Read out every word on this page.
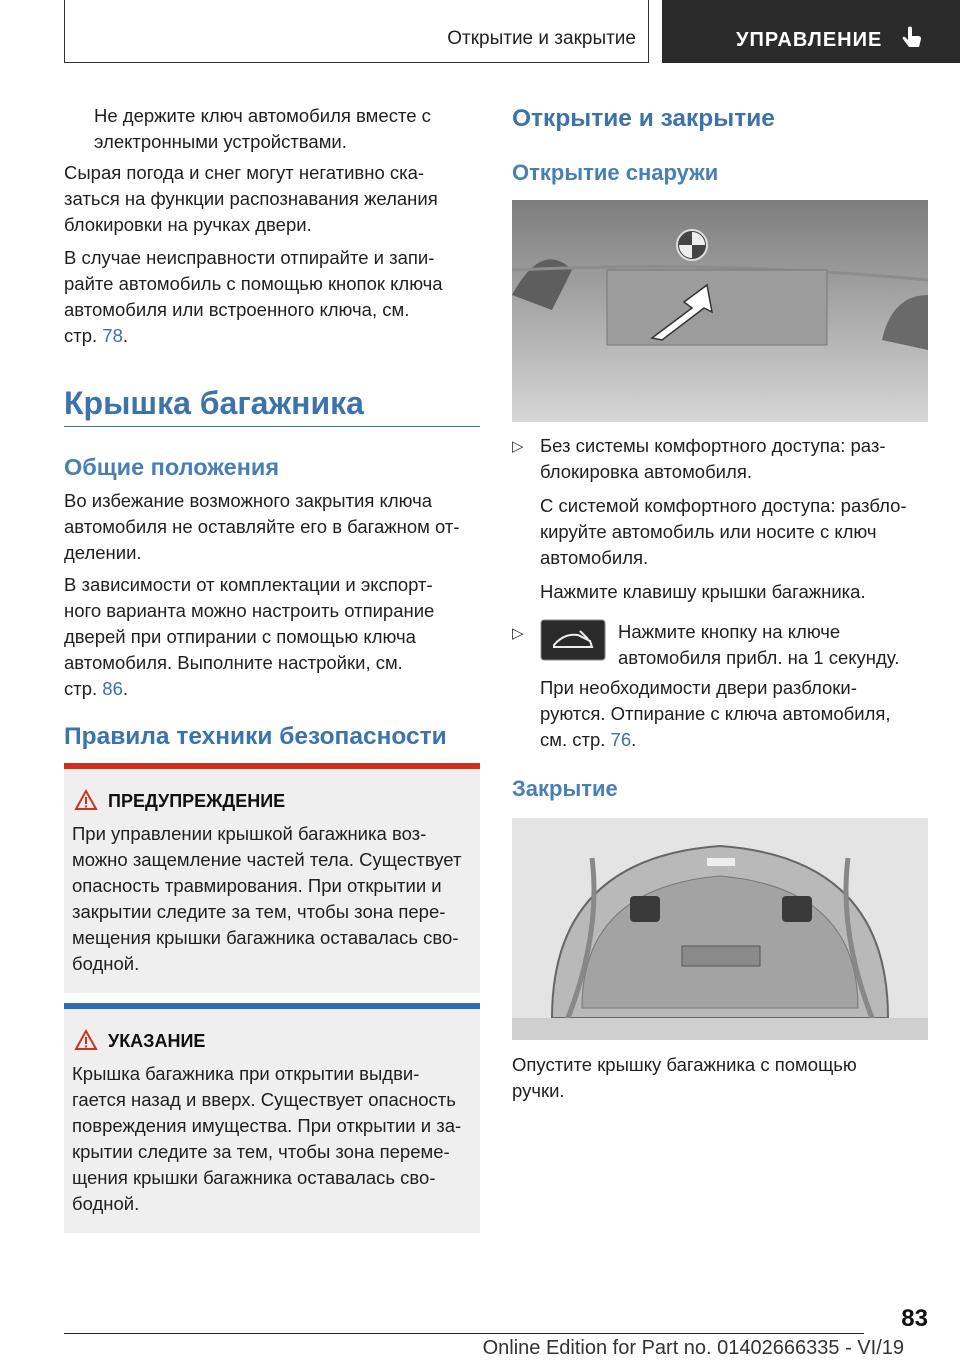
Открытие и закрытие	УПРАВЛЕНИЕ

Не держите ключ автомобиля вместе с

электронными устройствами.

Сырая погода и снег могут негативно ска-

заться на функции распознавания желания

блокировки на ручках двери.

В случае неисправности отпирайте и запи-

райте автомобиль с помощью кнопок ключа

автомобиля или встроенного ключа, см.

стр. 78.

Крышка багажника
Общие положения

Во избежание возможного закрытия ключа

автомобиля не оставляйте его в багажном от-

делении.

В зависимости от комплектации и экспорт-

ного варианта можно настроить отпирание

дверей при отпирании с помощью ключа

автомобиля. Выполните настройки, см.

стр. 86.

Правила техники безопасности
ПРЕДУПРЕЖДЕНИЕ

При управлении крышкой багажника воз-

можно защемление частей тела. Существует

опасность травмирования. При открытии и

закрытии следите за тем, чтобы зона пере-

мещения крышки багажника оставалась сво-

бодной.

УКАЗАНИЕ

Крышка багажника при открытии выдви-

гается назад и вверх. Существует опасность

повреждения имущества. При открытии и за-

крытии следите за тем, чтобы зона переме-

щения крышки багажника оставалась сво-

бодной.

Открытие и закрытие
Открытие снаружи
▷ Без системы комфортного доступа: раз-

блокировка автомобиля.

С системой комфортного доступа: разбло-

кируйте автомобиль или носите с ключ

автомобиля.

Нажмите клавишу крышки багажника.

▷	Нажмите кнопку на ключе

автомобиля прибл. на 1 секунду.

При необходимости двери разблоки-

руются. Отпирание с ключа автомобиля,

см. стр. 76.

Закрытие

Опустите крышку багажника с помощью

ручки.

83
Online Edition for Part no. 01402666335 - VI/19
